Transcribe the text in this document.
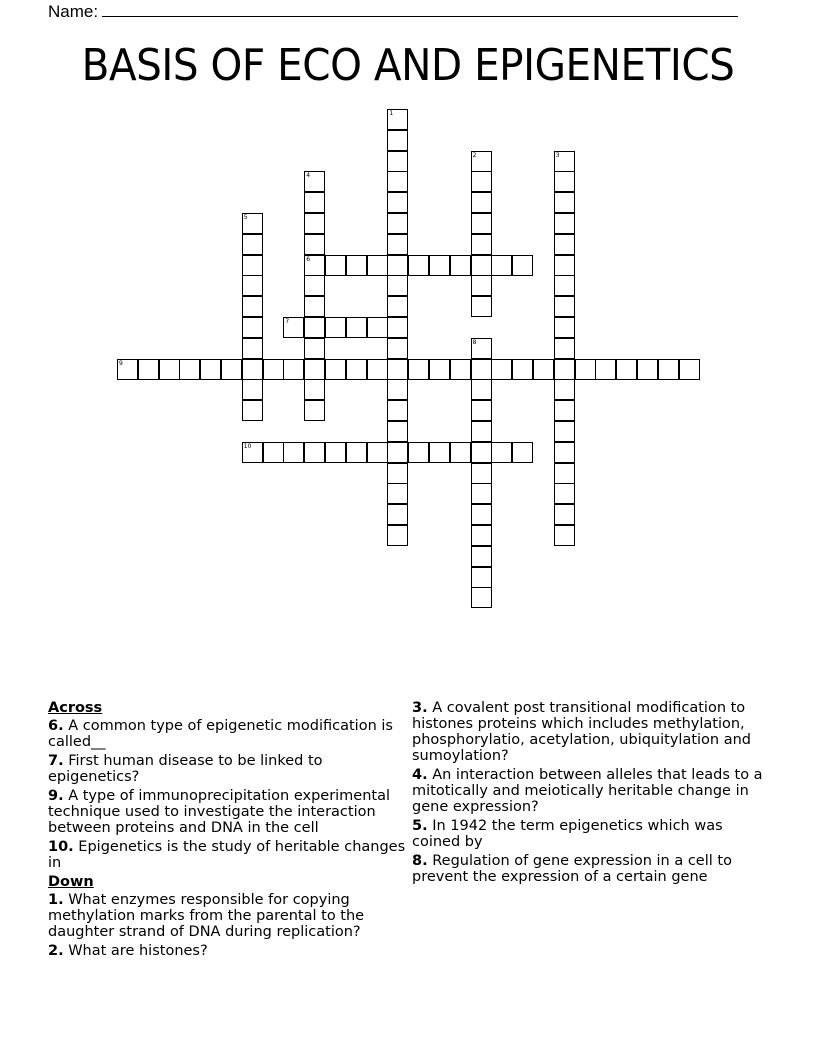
Name:
BASIS OF ECO AND EPIGENETICS
1
2	3
4
6
5
7
8
9
10
Across
6. A common type of epigenetic modification is called__
7. First human disease to be linked to epigenetics?
9. A type of immunoprecipitation experimental technique used to investigate the interaction between proteins and DNA in the cell
10. Epigenetics is the study of heritable changes in
Down
1. What enzymes responsible for copying methylation marks from the parental to the daughter strand of DNA during replication?
2. What are histones?
3. A covalent post transitional modification to histones proteins which includes methylation, phosphorylatio, acetylation, ubiquitylation and sumoylation?
4. An interaction between alleles that leads to a mitotically and meiotically heritable change in gene expression?
5. In 1942 the term epigenetics which was coined by
8. Regulation of gene expression in a cell to prevent the expression of a certain gene
